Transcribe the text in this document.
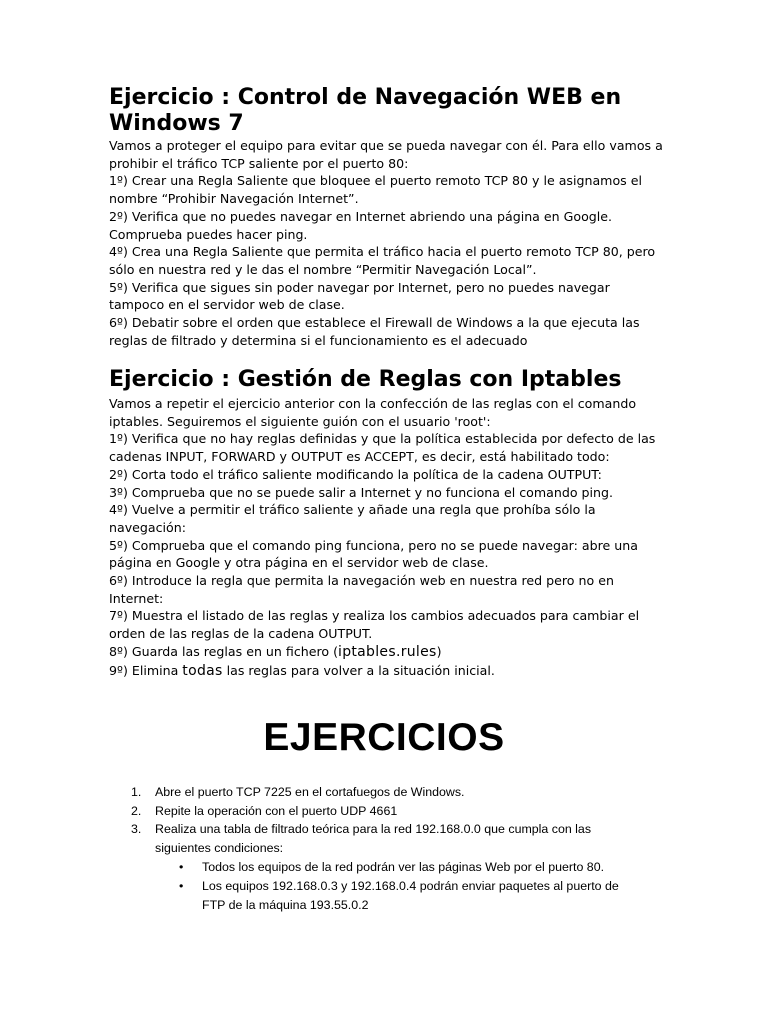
Ejercicio : Control de Navegación WEB en
Windows 7

Vamos a proteger el equipo para evitar que se pueda navegar con él. Para ello vamos a

prohibir el tráfico TCP saliente por el puerto 80:

1º) Crear una Regla Saliente que bloquee el puerto remoto TCP 80 y le asignamos el

nombre “Prohibir Navegación Internet”.

2º) Verifica que no puedes navegar en Internet abriendo una página en Google.

Comprueba puedes hacer ping.

4º) Crea una Regla Saliente que permita el tráfico hacia el puerto remoto TCP 80, pero

sólo en nuestra red y le das el nombre “Permitir Navegación Local”.

5º) Verifica que sigues sin poder navegar por Internet, pero no puedes navegar

tampoco en el servidor web de clase.

6º) Debatir sobre el orden que establece el Firewall de Windows a la que ejecuta las

reglas de filtrado y determina si el funcionamiento es el adecuado

Ejercicio : Gestión de Reglas con Iptables

Vamos a repetir el ejercicio anterior con la confección de las reglas con el comando

iptables. Seguiremos el siguiente guión con el usuario 'root':

1º) Verifica que no hay reglas definidas y que la política establecida por defecto de las

cadenas INPUT, FORWARD y OUTPUT es ACCEPT, es decir, está habilitado todo:

2º) Corta todo el tráfico saliente modificando la política de la cadena OUTPUT:

3º) Comprueba que no se puede salir a Internet y no funciona el comando ping.

4º) Vuelve a permitir el tráfico saliente y añade una regla que prohíba sólo la

navegación:

5º) Comprueba que el comando ping funciona, pero no se puede navegar: abre una

página en Google y otra página en el servidor web de clase.

6º) Introduce la regla que permita la navegación web en nuestra red pero no en

Internet:

7º) Muestra el listado de las reglas y realiza los cambios adecuados para cambiar el

orden de las reglas de la cadena OUTPUT.

8º) Guarda las reglas en un fichero (iptables.rules)

9º) Elimina todas las reglas para volver a la situación inicial.

EJERCICIOS
1.	Abre el puerto TCP 7225 en el cortafuegos de Windows.
2.	Repite la operación con el puerto UDP 4661
3.	Realiza una tabla de filtrado teórica para la red 192.168.0.0 que cumpla con las
siguientes condiciones:
• Todos los equipos de la red podrán ver las páginas Web por el puerto 80.
• Los equipos 192.168.0.3 y 192.168.0.4 podrán enviar paquetes al puerto de
FTP de la máquina 193.55.0.2
